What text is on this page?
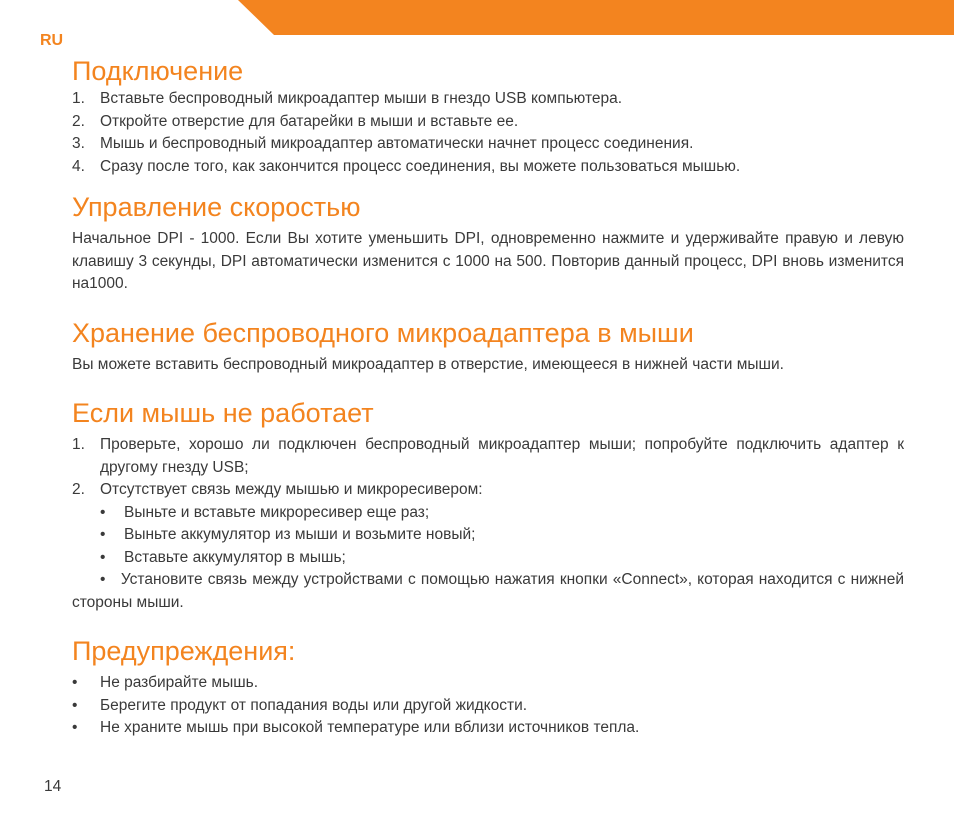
RU
Подключение
1. Вставьте беспроводный микроадаптер мыши в гнездо USB компьютера.
2. Откройте отверстие для батарейки в мыши и вставьте ее.
3. Мышь и беспроводный микроадаптер автоматически начнет процесс соединения.
4. Сразу после того, как закончится процесс соединения, вы можете пользоваться мышью.
Управление скоростью

Начальное DPI - 1000. Если Вы хотите уменьшить DPI, одновременно нажмите и удерживайте правую и левую клавишу 3 секунды, DPI автоматически изменится с 1000 на 500. Повторив данный процесс, DPI вновь изменится на1000.

Хранение беспроводного микроадаптера в мыши

Вы можете вставить беспроводный микроадаптер в отверстие, имеющееся в нижней части мыши.

Если мышь не работает
1. Проверьте, хорошо ли подключен беспроводный микроадаптер мыши; попробуйте подключить адаптер к другому гнезду USB;
2. Отсутствует связь между мышью и микроресивером:
• Выньте и вставьте микроресивер еще раз;
• Выньте аккумулятор из мыши и возьмите новый;
• Вставьте аккумулятор в мышь;

• Установите связь между устройствами с помощью нажатия кнопки «Connect», которая находится с нижней стороны мыши.

Предупреждения:
• Не разбирайте мышь.
• Берегите продукт от попадания воды или другой жидкости.
• Не храните мышь при высокой температуре или вблизи источников тепла.
14
